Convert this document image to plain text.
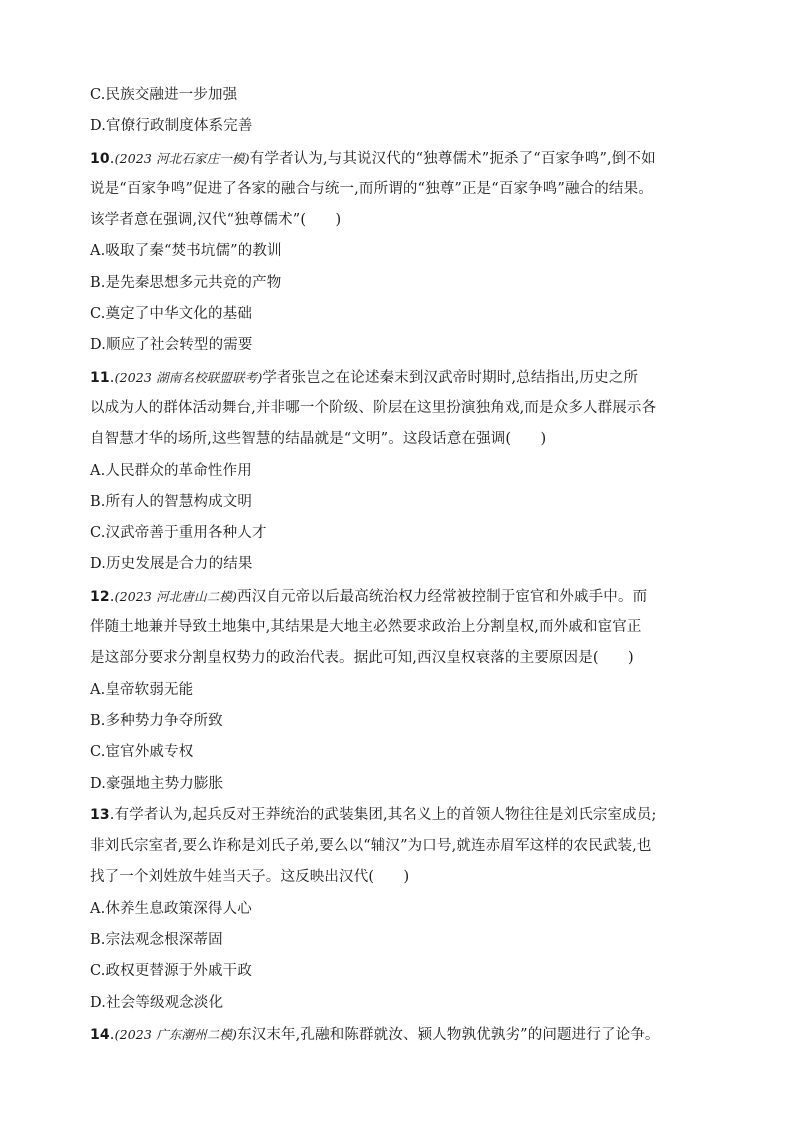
C.民族交融进一步加强
D.官僚行政制度体系完善
10.(2023 河北石家庄一模)有学者认为,与其说汉代的“独尊儒术”扼杀了“百家争鸣”,倒不如
说是“百家争鸣”促进了各家的融合与统一,而所谓的“独尊”正是“百家争鸣”融合的结果。
该学者意在强调,汉代“独尊儒术”(　　)
A.吸取了秦“焚书坑儒”的教训
B.是先秦思想多元共竞的产物
C.奠定了中华文化的基础
D.顺应了社会转型的需要
11.(2023 湖南名校联盟联考)学者张岂之在论述秦末到汉武帝时期时,总结指出,历史之所
以成为人的群体活动舞台,并非哪一个阶级、阶层在这里扮演独角戏,而是众多人群展示各
自智慧才华的场所,这些智慧的结晶就是“文明”。这段话意在强调(　　)
A.人民群众的革命性作用
B.所有人的智慧构成文明
C.汉武帝善于重用各种人才
D.历史发展是合力的结果
12.(2023 河北唐山二模)西汉自元帝以后最高统治权力经常被控制于宦官和外戚手中。而
伴随土地兼并导致土地集中,其结果是大地主必然要求政治上分割皇权,而外戚和宦官正
是这部分要求分割皇权势力的政治代表。据此可知,西汉皇权衰落的主要原因是(　　)
A.皇帝软弱无能
B.多种势力争夺所致
C.宦官外戚专权
D.豪强地主势力膨胀
13.有学者认为,起兵反对王莽统治的武装集团,其名义上的首领人物往往是刘氏宗室成员;
非刘氏宗室者,要么诈称是刘氏子弟,要么以“辅汉”为口号,就连赤眉军这样的农民武装,也
找了一个刘姓放牛娃当天子。这反映出汉代(　　)
A.休养生息政策深得人心
B.宗法观念根深蒂固
C.政权更替源于外戚干政
D.社会等级观念淡化
14.(2023 广东潮州二模)东汉末年,孔融和陈群就汝、颍人物孰优孰劣”的问题进行了论争。
